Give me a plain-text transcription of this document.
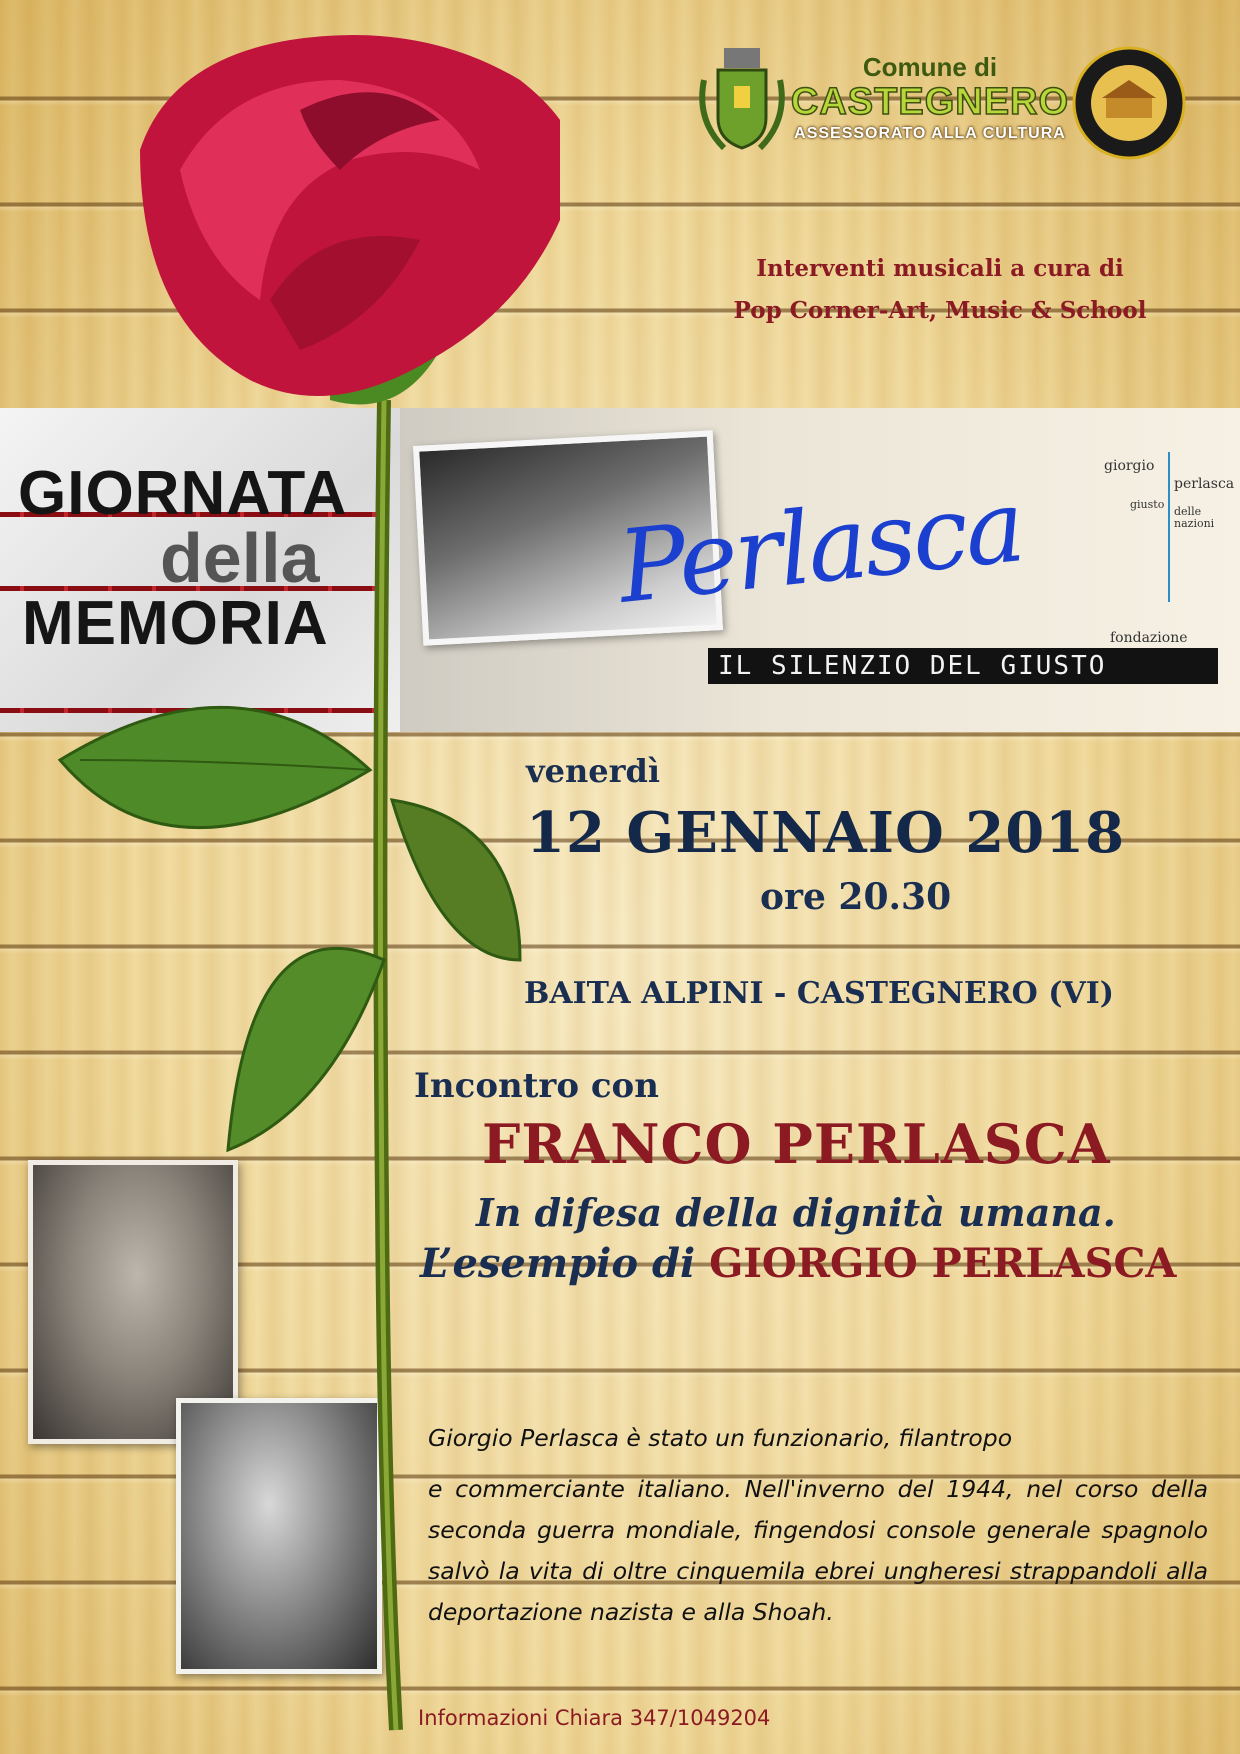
Comune di
CASTEGNERO
ASSESSORATO ALLA CULTURA
Interventi musicali a cura di
Pop Corner-Art, Music & School
GIORNATA
della
MEMORIA	Perlasca
IL SILENZIO DEL GIUSTO
giorgio
perlasca
giusto
delle nazioni
fondazione
venerdì
12 GENNAIO 2018
ore 20.30
BAITA ALPINI - CASTEGNERO (VI)
Incontro con
FRANCO PERLASCA
In difesa della dignità umana.
L’esempio di GIORGIO PERLASCA
Giorgio Perlasca è stato un funzionario, filantropo
e commerciante italiano. Nell'inverno del 1944, nel corso della seconda guerra mondiale, fingendosi console generale spagnolo salvò la vita di oltre cinquemila ebrei ungheresi strappandoli alla deportazione nazista e alla Shoah.
Informazioni Chiara 347/1049204
